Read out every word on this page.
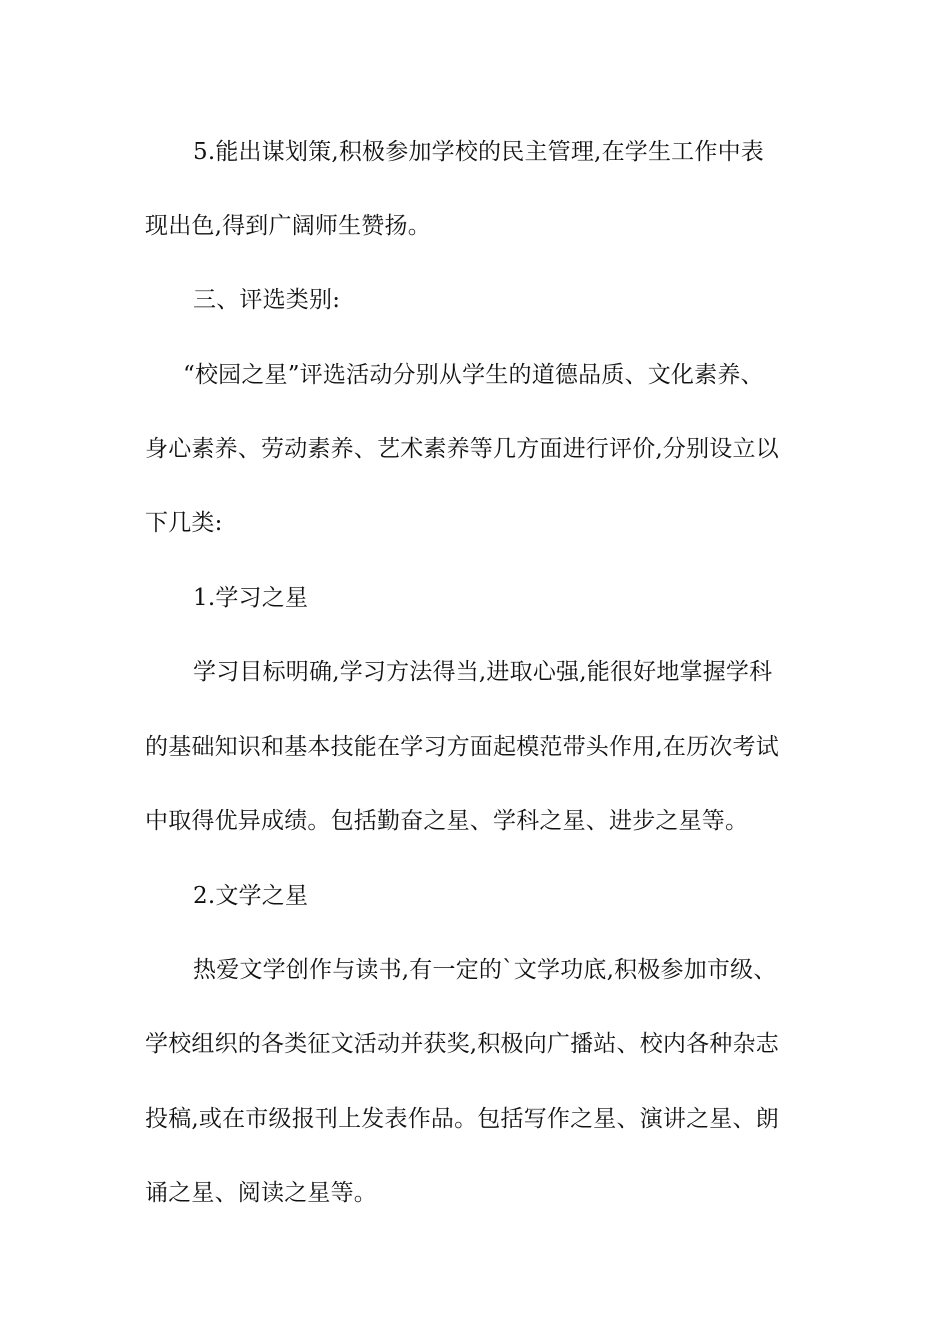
5.能出谋划策,积极参加学校的民主管理,在学生工作中表
现出色,得到广阔师生赞扬。
三、评选类别:
“校园之星”评选活动分别从学生的道德品质、文化素养、
身心素养、劳动素养、艺术素养等几方面进行评价,分别设立以
下几类:
1.学习之星
学习目标明确,学习方法得当,进取心强,能很好地掌握学科
的基础知识和基本技能在学习方面起模范带头作用,在历次考试
中取得优异成绩。包括勤奋之星、学科之星、进步之星等。
2.文学之星
热爱文学创作与读书,有一定的`文学功底,积极参加市级、
学校组织的各类征文活动并获奖,积极向广播站、校内各种杂志
投稿,或在市级报刊上发表作品。包括写作之星、演讲之星、朗
诵之星、阅读之星等。
